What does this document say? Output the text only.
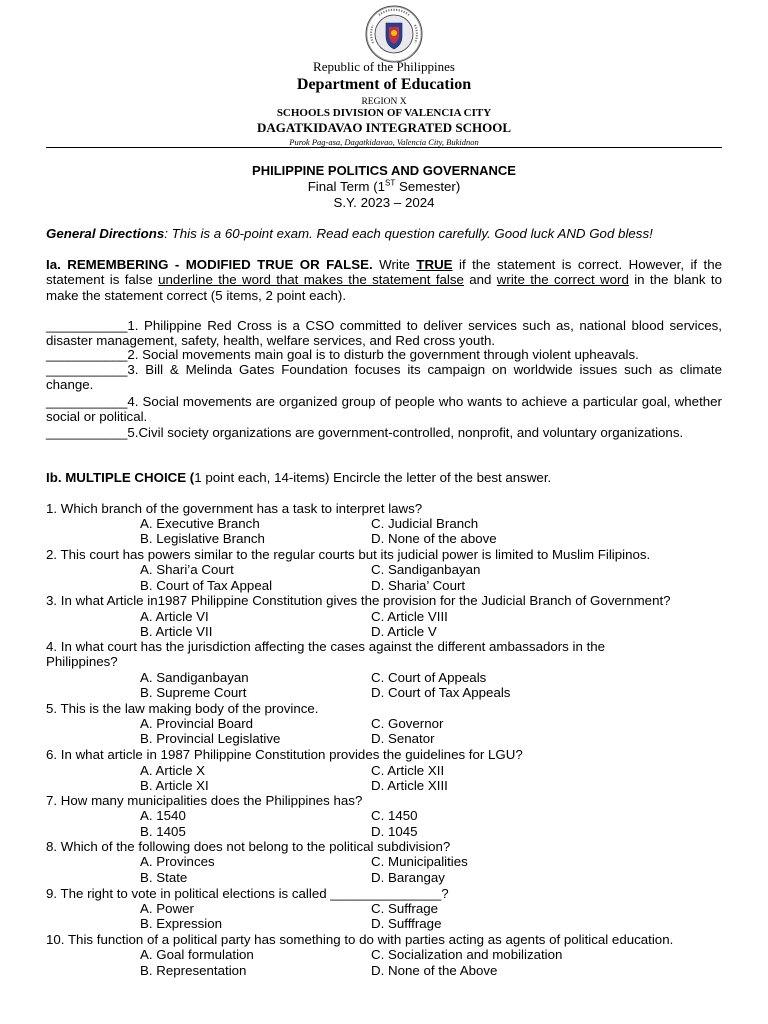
Republic of the Philippines
Department of Education
REGION X
SCHOOLS DIVISION OF VALENCIA CITY
DAGATKIDAVAO INTEGRATED SCHOOL
Purok Pag-asa, Dagatkidavao, Valencia City, Bukidnon
PHILIPPINE POLITICS AND GOVERNANCE
Final Term (1ST Semester)
S.Y. 2023 – 2024
General Directions: This is a 60-point exam. Read each question carefully. Good luck AND God bless!
Ia. REMEMBERING - MODIFIED TRUE OR FALSE. Write TRUE if the statement is correct. However, if the statement is false underline the word that makes the statement false and write the correct word in the blank to make the statement correct (5 items, 2 point each).
___________1. Philippine Red Cross is a CSO committed to deliver services such as, national blood services, disaster management, safety, health, welfare services, and Red cross youth.
___________2. Social movements main goal is to disturb the government through violent upheavals.
___________3. Bill & Melinda Gates Foundation focuses its campaign on worldwide issues such as climate change.
___________4. Social movements are organized group of people who wants to achieve a particular goal, whether social or political.
___________5.Civil society organizations are government-controlled, nonprofit, and voluntary organizations.
Ib. MULTIPLE CHOICE (1 point each, 14-items) Encircle the letter of the best answer.
1. Which branch of the government has a task to interpret laws?
A. Executive Branch	C. Judicial Branch
B. Legislative Branch	D. None of the above
2. This court has powers similar to the regular courts but its judicial power is limited to Muslim Filipinos.
A. Shari’a Court	C. Sandiganbayan
B. Court of Tax Appeal	D. Sharia’ Court
3. In what Article in1987 Philippine Constitution gives the provision for the Judicial Branch of Government?
A. Article VI	C. Article VIII
B. Article VII	D. Article V
4. In what court has the jurisdiction affecting the cases against the different ambassadors in the
Philippines?
A. Sandiganbayan	C. Court of Appeals
B. Supreme Court	D. Court of Tax Appeals
5. This is the law making body of the province.
A. Provincial Board	C. Governor
B. Provincial Legislative	D. Senator
6. In what article in 1987 Philippine Constitution provides the guidelines for LGU?
A. Article X	C. Article XII
B. Article XI	D. Article XIII
7. How many municipalities does the Philippines has?
A. 1540	C. 1450
B. 1405	D. 1045
8. Which of the following does not belong to the political subdivision?
A. Provinces	C. Municipalities
B. State	D. Barangay
9. The right to vote in political elections is called _______________?
A. Power	C. Suffrage
B. Expression	D. Sufffrage
10. This function of a political party has something to do with parties acting as agents of political education.
A. Goal formulation	C. Socialization and mobilization
B. Representation	D. None of the Above
